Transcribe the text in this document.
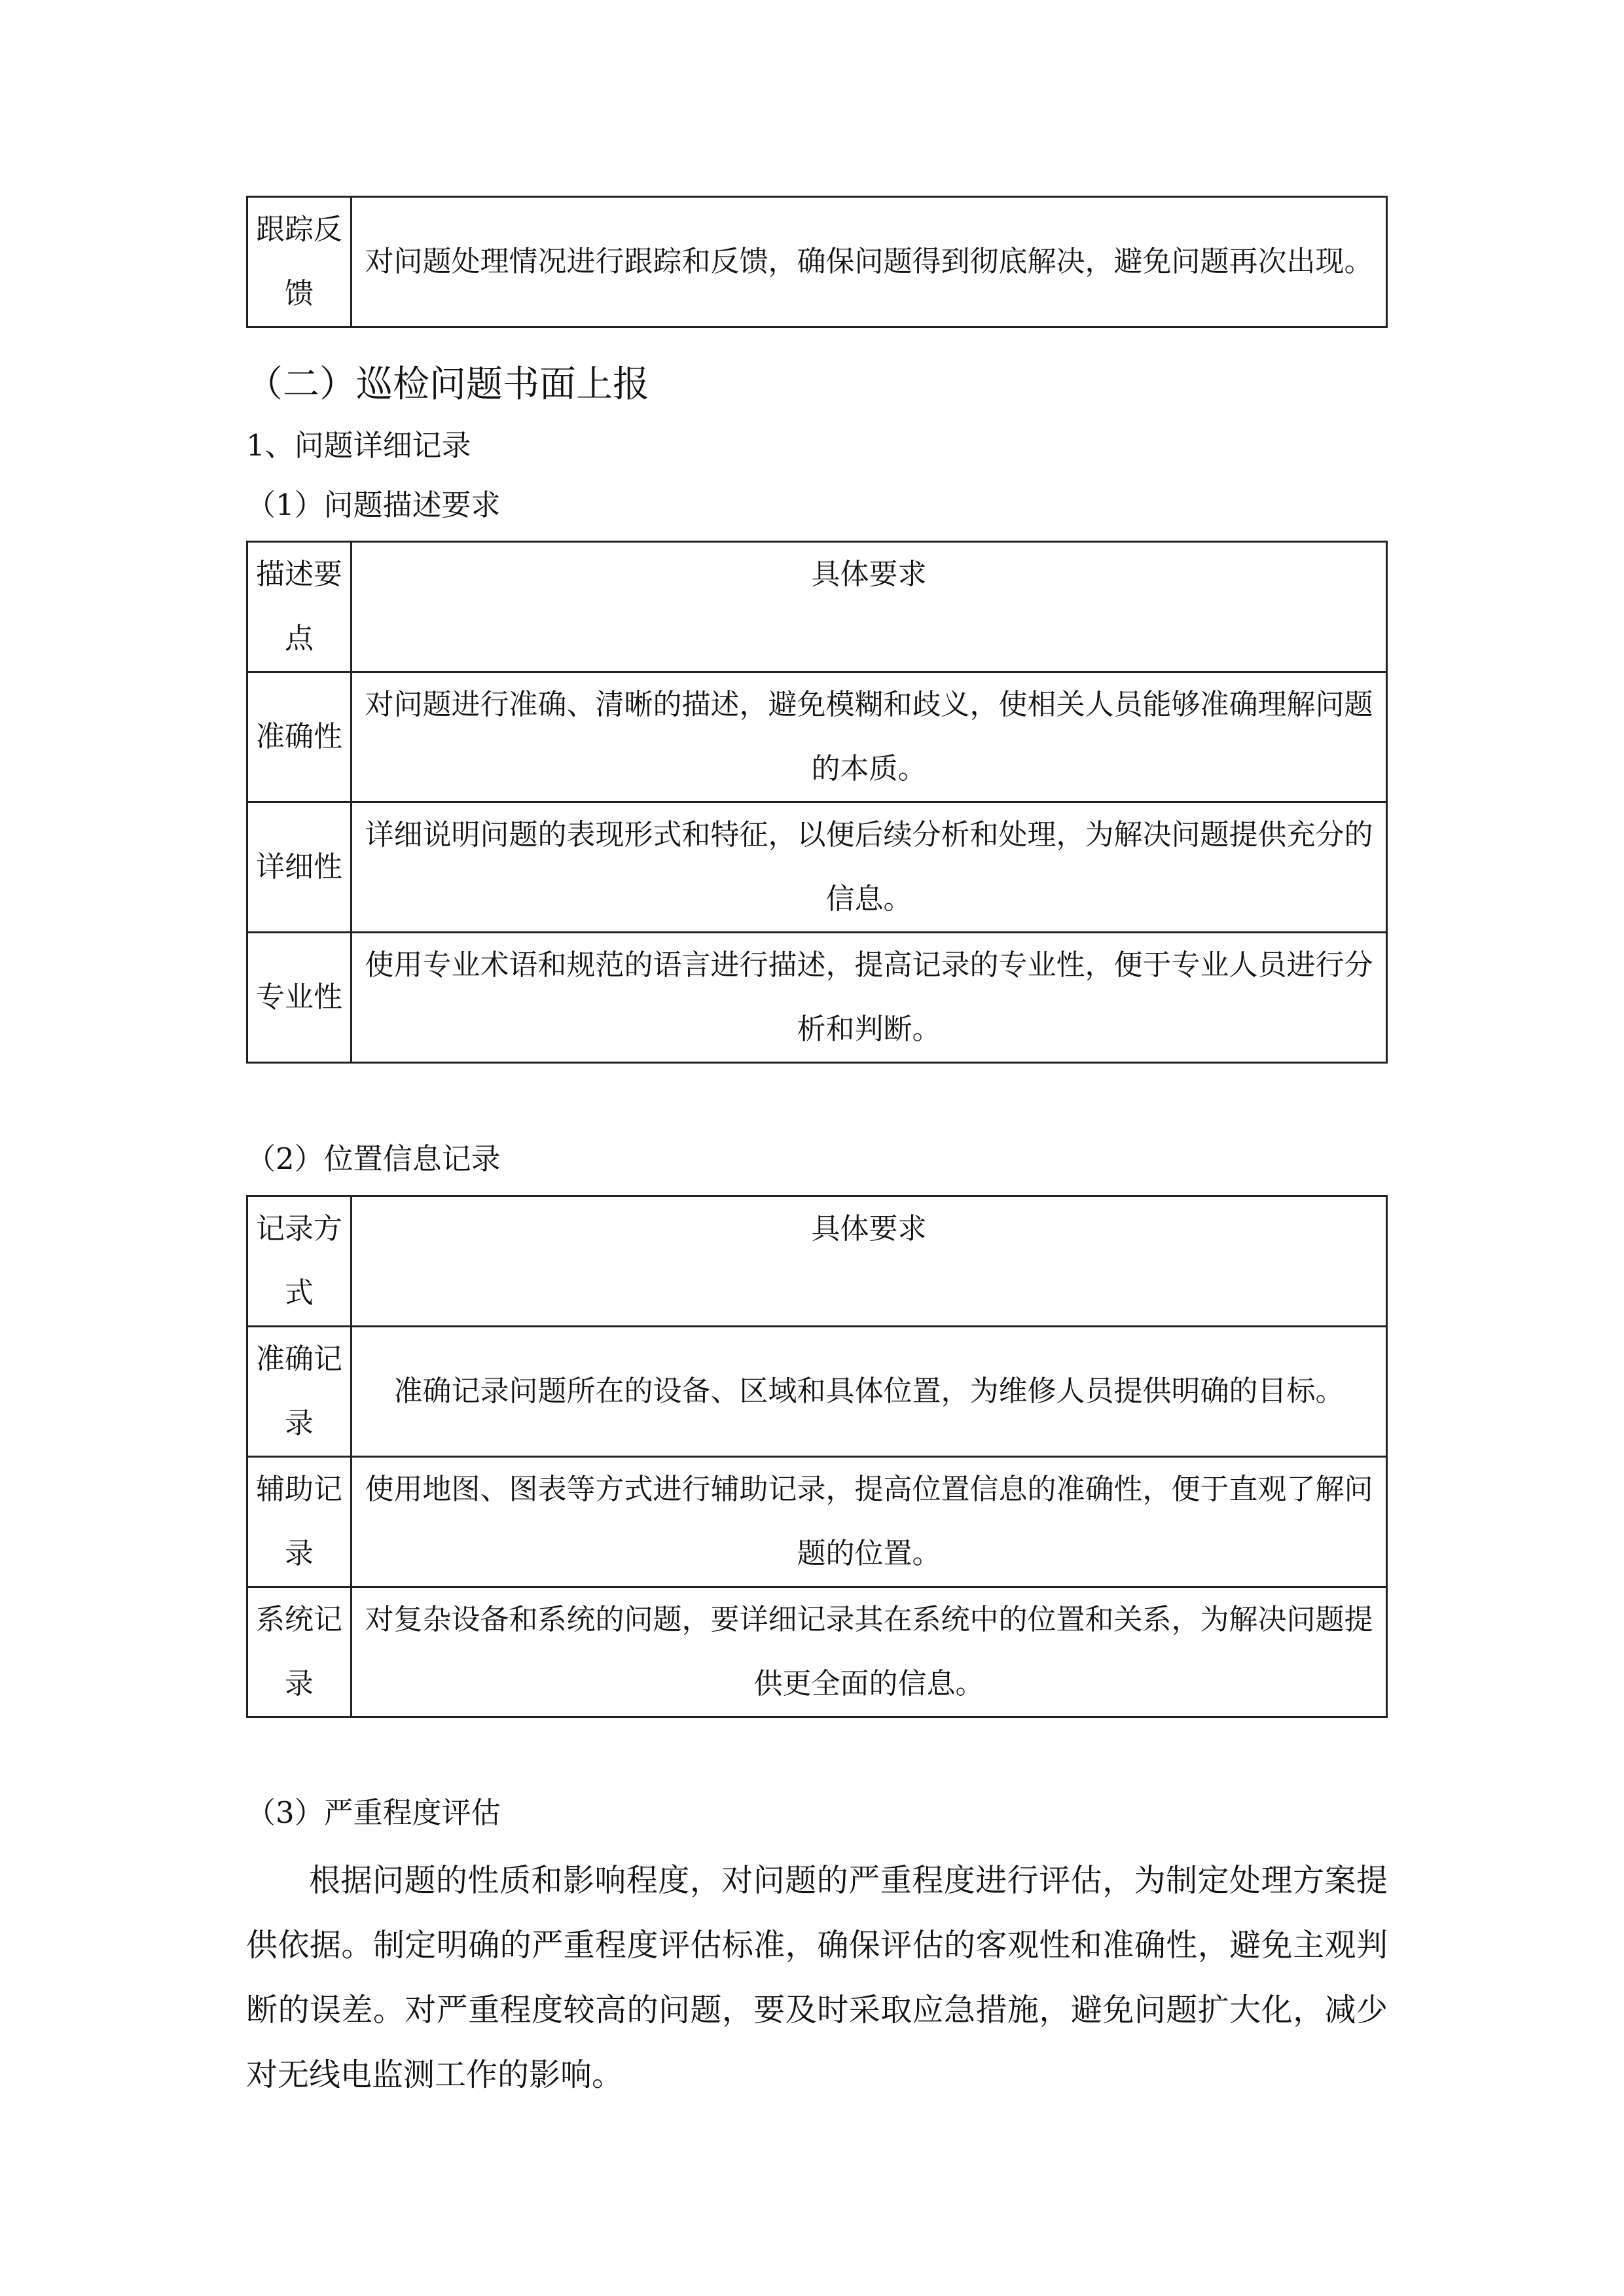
跟踪反馈	对问题处理情况进行跟踪和反馈，确保问题得到彻底解决，避免问题再次出现。
（二）巡检问题书面上报
1、问题详细记录
（1）问题描述要求
描述要点	具体要求
准确性	对问题进行准确、清晰的描述，避免模糊和歧义，使相关人员能够准确理解问题的本质。
详细性	详细说明问题的表现形式和特征，以便后续分析和处理，为解决问题提供充分的信息。
专业性	使用专业术语和规范的语言进行描述，提高记录的专业性，便于专业人员进行分析和判断。
（2）位置信息记录
记录方式	具体要求
准确记录	准确记录问题所在的设备、区域和具体位置，为维修人员提供明确的目标。
辅助记录	使用地图、图表等方式进行辅助记录，提高位置信息的准确性，便于直观了解问题的位置。
系统记录	对复杂设备和系统的问题，要详细记录其在系统中的位置和关系，为解决问题提供更全面的信息。
（3）严重程度评估

根据问题的性质和影响程度，对问题的严重程度进行评估，为制定处理方案提供依据。制定明确的严重程度评估标准，确保评估的客观性和准确性，避免主观判断的误差。对严重程度较高的问题，要及时采取应急措施，避免问题扩大化，减少对无线电监测工作的影响。
